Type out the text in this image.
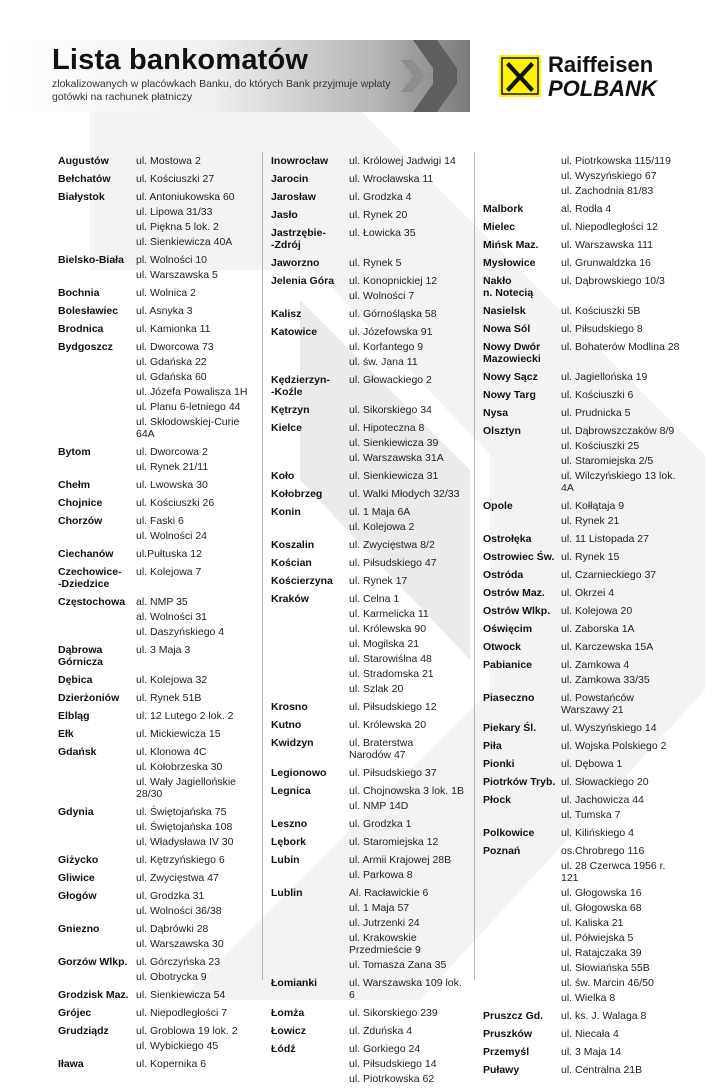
Lista bankomatów
zlokalizowanych w placówkach Banku, do których Bank przyjmuje wpłaty gotówki na rachunek płatniczy
Raiffeisen
POLBANK
Augustów	ul. Mostowa 2
Bełchatów	ul. Kościuszki 27
Białystok	ul. Antoniukowska 60
ul. Lipowa 31/33
ul. Piękna 5 lok. 2
ul. Sienkiewicza 40A
Bielsko-Biała	pl. Wolności 10
ul. Warszawska 5
Bochnia	ul. Wolnica 2
Bolesławiec	ul. Asnyka 3
Brodnica	ul. Kamionka 11
Bydgoszcz	ul. Dworcowa 73
ul. Gdańska 22
ul. Gdańska 60
ul. Józefa Powalisza 1H
ul. Planu 6-letniego 44
ul. Skłodowskiej-Curie
64A
Bytom	ul. Dworcowa 2
ul. Rynek 21/11
Chełm	ul. Lwowska 30
Chojnice	ul. Kościuszki 26
Chorzów	ul. Faski 6
ul. Wolności 24
Ciechanów	ul.Pułtuska 12
Czechowice-
-Dziedzice
ul. Kolejowa 7
Częstochowa	al. NMP 35
al. Wolności 31
ul. Daszyńskiego 4
Dąbrowa
Górnicza
ul. 3 Maja 3
Dębica	ul. Kolejowa 32
Dzierżoniów	ul. Rynek 51B
Elbląg	ul. 12 Lutego 2 lok. 2
Ełk	ul. Mickiewicza 15
Gdańsk	ul. Klonowa 4C
ul. Kołobrzeska 30
ul. Wały Jagiellońskie
28/30
Gdynia	ul. Świętojańska 75
ul. Świętojańska 108
ul. Władysława IV 30
Giżycko	ul. Kętrzyńskiego 6
Gliwice	ul. Zwycięstwa 47
Głogów	ul. Grodzka 31
ul. Wolności 36/38
Gniezno	ul. Dąbrówki 28
ul. Warszawska 30
Gorzów Wlkp. ul. Górczyńska 23
ul. Obotrycka 9
Grodzisk Maz. ul. Sienkiewicza 54
Grójec	ul. Niepodległości 7
Grudziądz	ul. Groblowa 19 lok. 2
ul. Wybickiego 45
Iława	ul. Kopernika 6
Inowrocław	ul. Królowej Jadwigi 14
Jarocin	ul. Wrocławska 11
Jarosław	ul. Grodzka 4
Jasło	ul. Rynek 20
Jastrzębie-
-Zdrój
ul. Łowicka 35
Jaworzno	ul. Rynek 5
Jelenia Góra	ul. Konopnickiej 12
ul. Wolności 7
Kalisz	ul. Górnośląska 58
Katowice	ul. Józefowska 91
ul. Korfantego 9
ul. św. Jana 11
Kędzierzyn-
-Koźle
ul. Głowackiego 2
Kętrzyn	ul. Sikorskiego 34
Kielce	ul. Hipoteczna 8
ul. Sienkiewicza 39
ul. Warszawska 31A
Koło	ul. Sienkiewicza 31
Kołobrzeg	ul. Walki Młodych 32/33
Konin	ul. 1 Maja 6A
ul. Kolejowa 2
Koszalin	ul. Zwycięstwa 8/2
Kościan	ul. Piłsudskiego 47
Kościerzyna	ul. Rynek 17
Kraków	ul. Celna 1
ul. Karmelicka 11
ul. Królewska 90
ul. Mogilska 21
ul. Starowiślna 48
ul. Stradomska 21
ul. Szlak 20
Krosno	ul. Piłsudskiego 12
Kutno	ul. Królewska 20
Kwidzyn	ul. Braterstwa
Narodów 47
Legionowo	ul. Piłsudskiego 37
Legnica	ul. Chojnowska 3 lok. 1B
ul. NMP 14D
Leszno	ul. Grodzka 1
Lębork	ul. Staromiejska 12
Lubin	ul. Armii Krajowej 28B
ul. Parkowa 8
Lublin	Al. Racławickie 6
ul. 1 Maja 57
ul. Jutrzenki 24
ul. Krakowskie
Przedmieście 9
ul. Tomasza Zana 35
Łomianki	ul. Warszawska 109 lok. 6
Łomża	ul. Sikorskiego 239
Łowicz	ul. Zduńska 4
Łódź	ul. Gorkiego 24
ul. Piłsudskiego 14
ul. Piotrkowska 62
ul. Piotrkowska 115/119
ul. Wyszyńskiego 67
ul. Zachodnia 81/83
Malbork	al. Rodła 4
Mielec	ul. Niepodległości 12
Mińsk Maz.	ul. Warszawska 111
Mysłowice	ul. Grunwaldzka 16
Nakło
n. Notecią
ul. Dąbrowskiego 10/3
Nasielsk	ul. Kościuszki 5B
Nowa Sól	ul. Piłsudskiego 8
Nowy Dwór
Mazowiecki
ul. Bohaterów Modlina 28
Nowy Sącz	ul. Jagiellońska 19
Nowy Targ	ul. Kościuszki 6
Nysa	ul. Prudnicka 5
Olsztyn	ul. Dąbrowszczaków 8/9
ul. Kościuszki 25
ul. Staromiejska 2/5
ul. Wilczyńskiego 13 lok.
4A
Opole	ul. Kołłątaja 9
ul. Rynek 21
Ostrołęka	ul. 11 Listopada 27
Ostrowiec Św. ul. Rynek 15
Ostróda	ul. Czarnieckiego 37
Ostrów Maz.	ul. Okrzei 4
Ostrów Wlkp.	ul. Kolejowa 20
Oświęcim	ul. Zaborska 1A
Otwock	ul. Karczewska 15A
Pabianice	ul. Zamkowa 4
ul. Zamkowa 33/35
Piaseczno	ul. Powstańców
Warszawy 21
Piekary Śl.	ul. Wyszyńskiego 14
Piła	ul. Wojska Polskiego 2
Pionki	ul. Dębowa 1
Piotrków Tryb. ul. Słowackiego 20
Płock	ul. Jachowicza 44
ul. Tumska 7
Polkowice	ul. Kilińskiego 4
Poznań	os.Chrobrego 116
ul. 28 Czerwca 1956 r.
121
ul. Głogowska 16
ul. Głogowska 68
ul. Kaliska 21
ul. Półwiejska 5
ul. Ratajczaka 39
ul. Słowiańska 55B
ul. św. Marcin 46/50
ul. Wielka 8
Pruszcz Gd.	ul. ks. J. Walaga 8
Pruszków	ul. Niecała 4
Przemyśl	ul. 3 Maja 14
Puławy	ul. Centralna 21B
